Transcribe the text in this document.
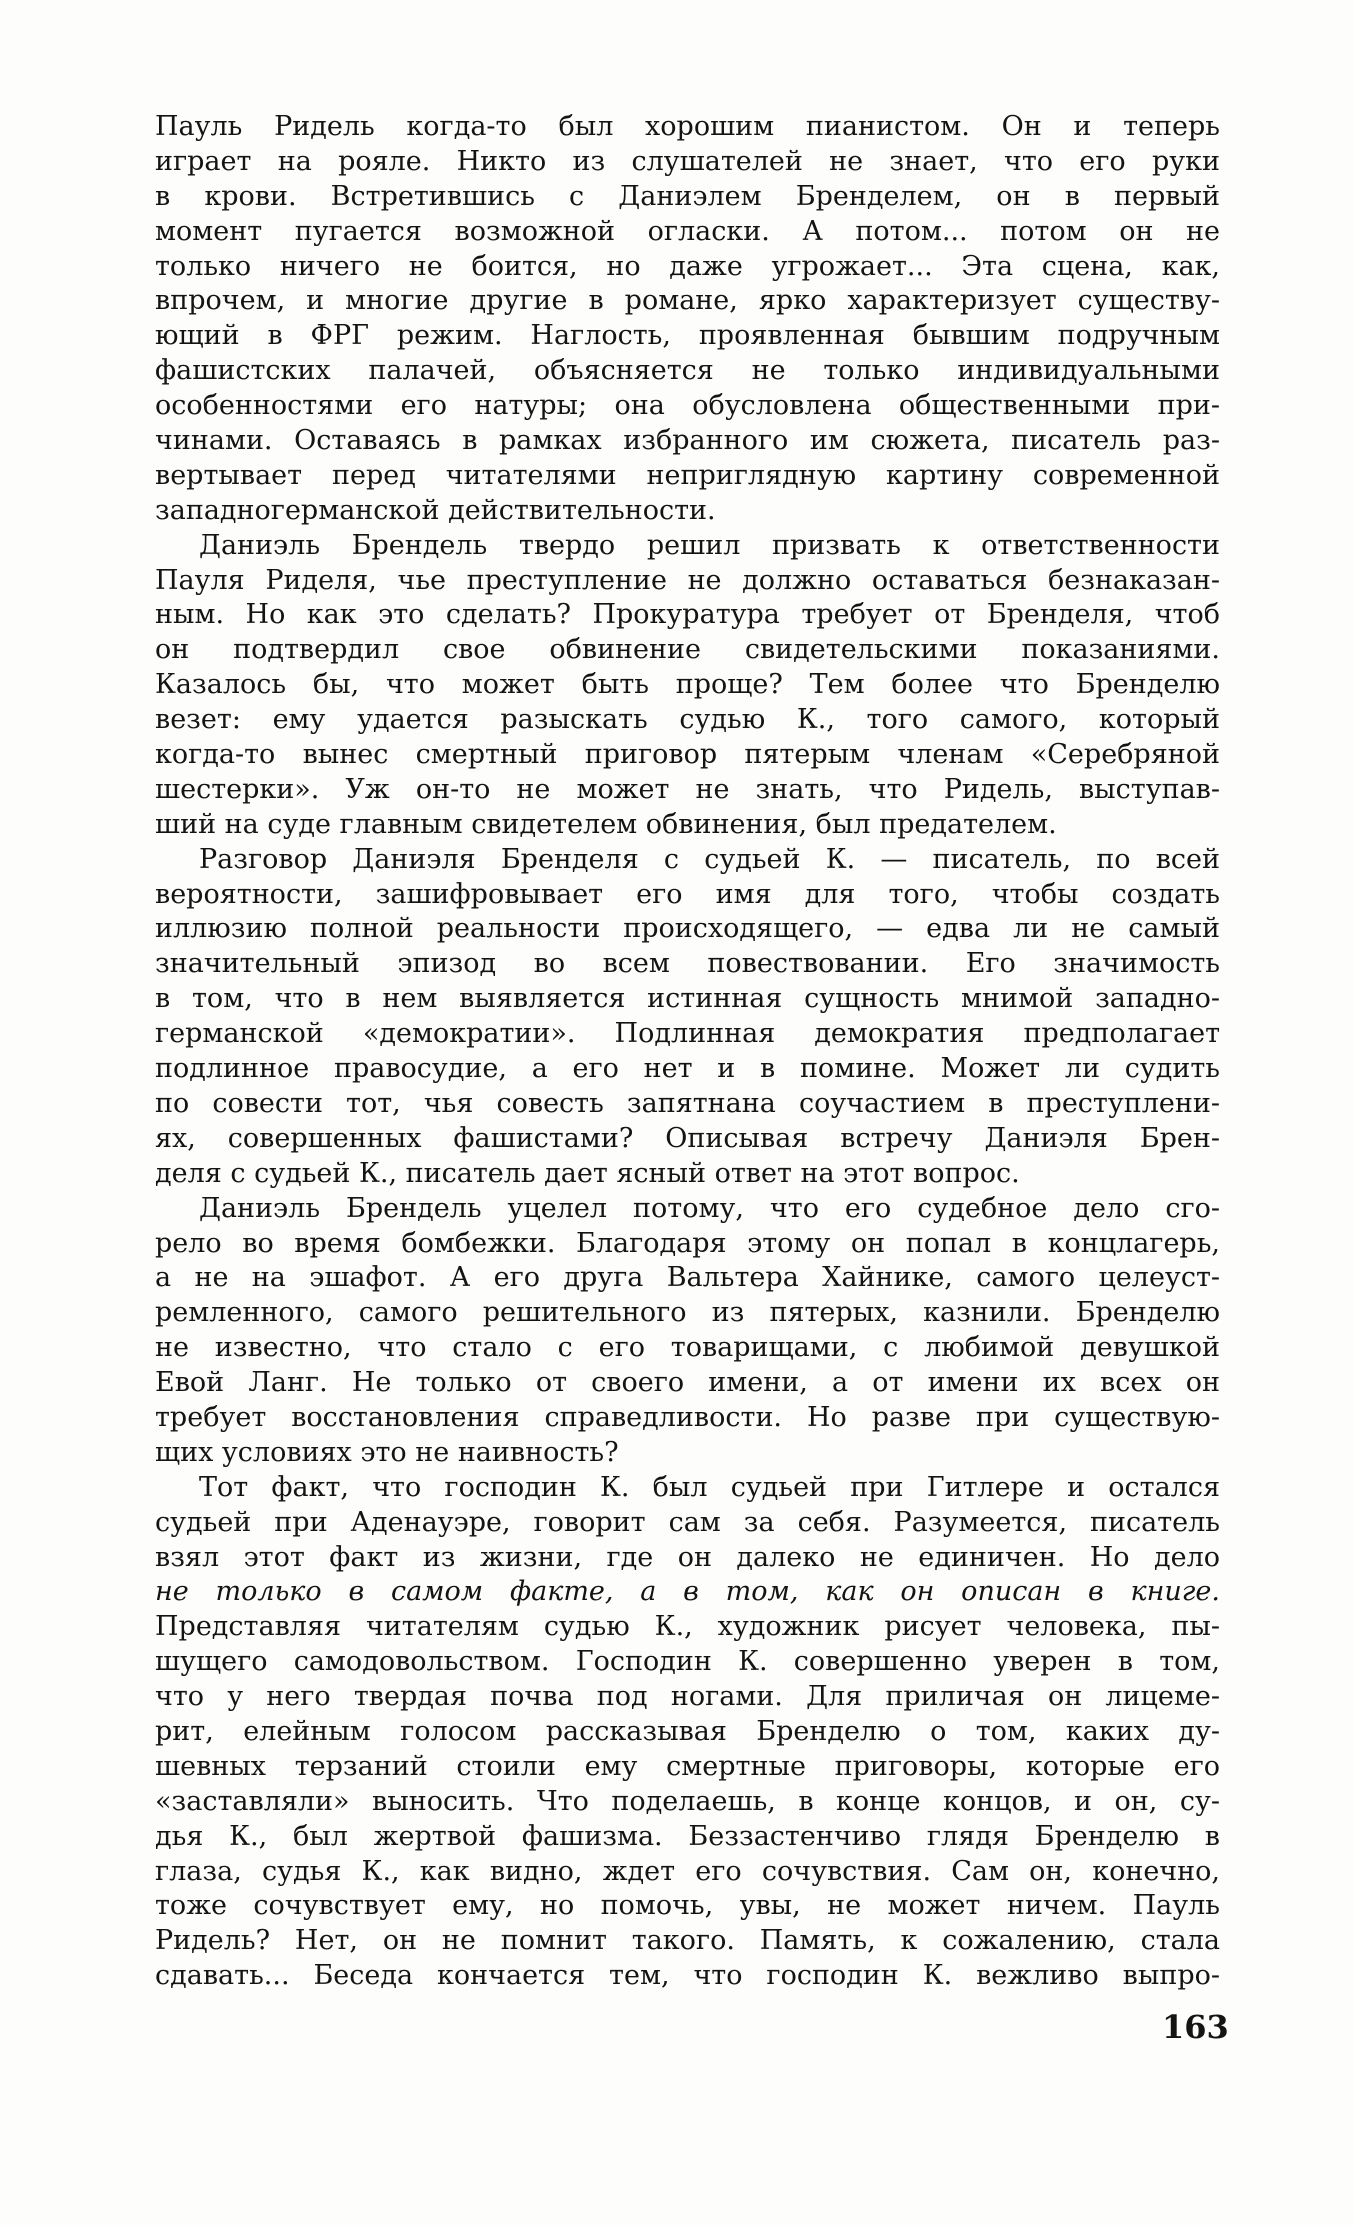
Пауль Ридель когда-то был хорошим пианистом. Он и теперь
играет на рояле. Никто из слушателей не знает, что его руки
в крови. Встретившись с Даниэлем Бренделем, он в первый
момент пугается возможной огласки. А потом... потом он не
только ничего не боится, но даже угрожает... Эта сцена, как,
впрочем, и многие другие в романе, ярко характеризует существу-
ющий в ФРГ режим. Наглость, проявленная бывшим подручным
фашистских палачей, объясняется не только индивидуальными
особенностями его натуры; она обусловлена общественными при-
чинами. Оставаясь в рамках избранного им сюжета, писатель раз-
вертывает перед читателями неприглядную картину современной
западногерманской действительности.
Даниэль Брендель твердо решил призвать к ответственности
Пауля Риделя, чье преступление не должно оставаться безнаказан-
ным. Но как это сделать? Прокуратура требует от Бренделя, чтоб
он подтвердил свое обвинение свидетельскими показаниями.
Казалось бы, что может быть проще? Тем более что Бренделю
везет: ему удается разыскать судью К., того самого, который
когда-то вынес смертный приговор пятерым членам «Серебряной
шестерки». Уж он-то не может не знать, что Ридель, выступав-
ший на суде главным свидетелем обвинения, был предателем.
Разговор Даниэля Бренделя с судьей К. — писатель, по всей
вероятности, зашифровывает его имя для того, чтобы создать
иллюзию полной реальности происходящего, — едва ли не самый
значительный эпизод во всем повествовании. Его значимость
в том, что в нем выявляется истинная сущность мнимой западно-
германской «демократии». Подлинная демократия предполагает
подлинное правосудие, а его нет и в помине. Может ли судить
по совести тот, чья совесть запятнана соучастием в преступлени-
ях, совершенных фашистами? Описывая встречу Даниэля Брен-
деля с судьей К., писатель дает ясный ответ на этот вопрос.
Даниэль Брендель уцелел потому, что его судебное дело сго-
рело во время бомбежки. Благодаря этому он попал в концлагерь,
а не на эшафот. А его друга Вальтера Хайнике, самого целеуст-
ремленного, самого решительного из пятерых, казнили. Бренделю
не известно, что стало с его товарищами, с любимой девушкой
Евой Ланг. Не только от своего имени, а от имени их всех он
требует восстановления справедливости. Но разве при существую-
щих условиях это не наивность?
Тот факт, что господин К. был судьей при Гитлере и остался
судьей при Аденауэре, говорит сам за себя. Разумеется, писатель
взял этот факт из жизни, где он далеко не единичен. Но дело
не только в самом факте, а в том, как он описан в книге.
Представляя читателям судью К., художник рисует человека, пы-
шущего самодовольством. Господин К. совершенно уверен в том,
что у него твердая почва под ногами. Для приличая он лицеме-
рит, елейным голосом рассказывая Бренделю о том, каких ду-
шевных терзаний стоили ему смертные приговоры, которые его
«заставляли» выносить. Что поделаешь, в конце концов, и он, су-
дья К., был жертвой фашизма. Беззастенчиво глядя Бренделю в
глаза, судья К., как видно, ждет его сочувствия. Сам он, конечно,
тоже сочувствует ему, но помочь, увы, не может ничем. Пауль
Ридель? Нет, он не помнит такого. Память, к сожалению, стала
сдавать... Беседа кончается тем, что господин К. вежливо выпро-
163
